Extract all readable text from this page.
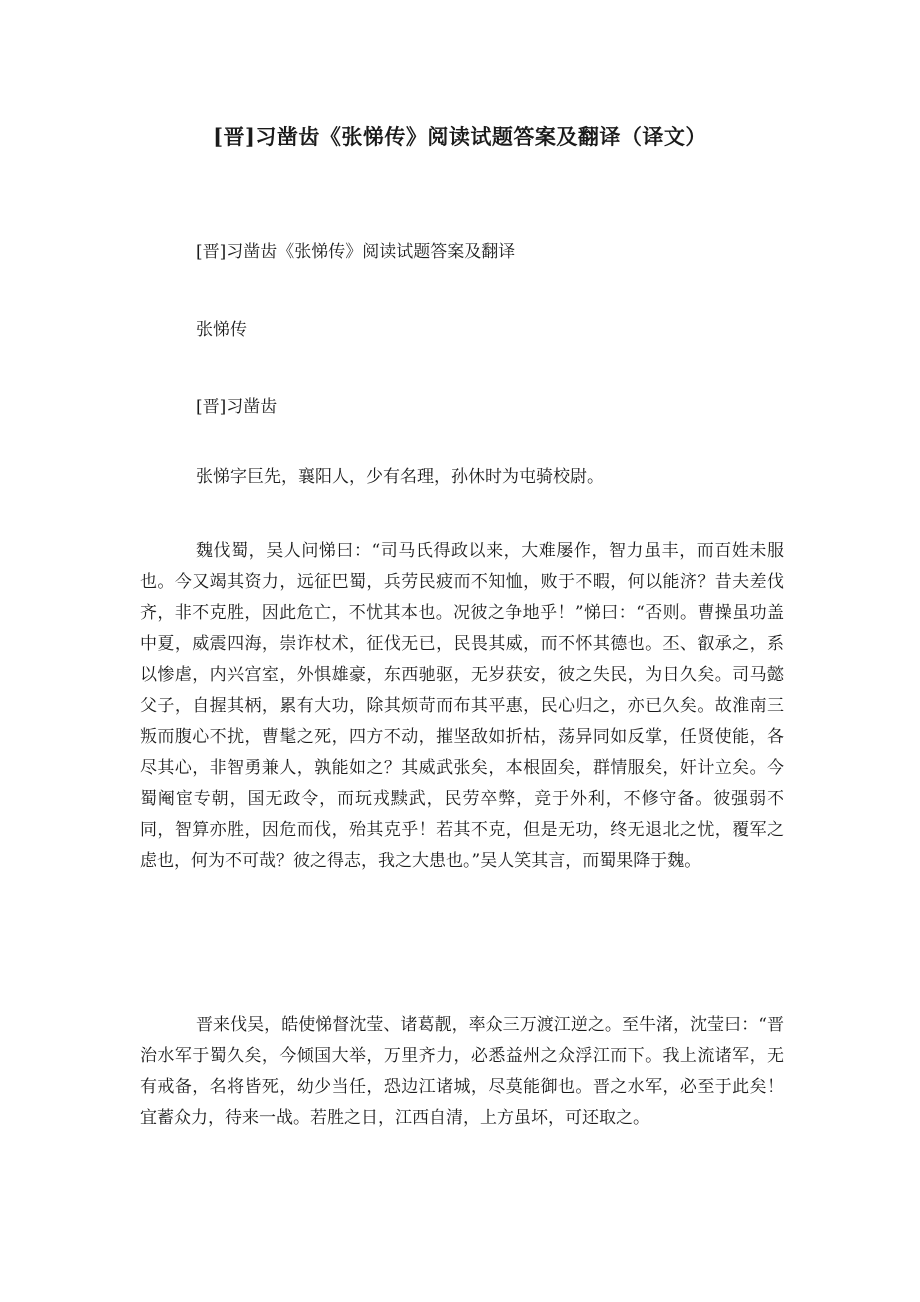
[晋]习凿齿《张悌传》阅读试题答案及翻译（译文）
[晋]习凿齿《张悌传》阅读试题答案及翻译
张悌传
[晋]习凿齿

张悌字巨先，襄阳人，少有名理，孙休时为屯骑校尉。

魏伐蜀，吴人问悌曰：“司马氏得政以来，大难屡作，智力虽丰，而百姓未服也。今又竭其资力，远征巴蜀，兵劳民疲而不知恤，败于不暇，何以能济？昔夫差伐齐，非不克胜，因此危亡，不忧其本也。况彼之争地乎！”悌曰：“否则。曹操虽功盖中夏，威震四海，崇诈杖术，征伐无已，民畏其威，而不怀其德也。丕、叡承之，系以惨虐，内兴宫室，外惧雄豪，东西驰驱，无岁获安，彼之失民，为日久矣。司马懿父子，自握其柄，累有大功，除其烦苛而布其平惠，民心归之，亦已久矣。故淮南三叛而腹心不扰，曹髦之死，四方不动，摧坚敌如折枯，荡异同如反掌，任贤使能，各尽其心，非智勇兼人，孰能如之？其威武张矣，本根固矣，群情服矣，奸计立矣。今蜀阉宦专朝，国无政令，而玩戎黩武，民劳卒弊，竞于外利，不修守备。彼强弱不同，智算亦胜，因危而伐，殆其克乎！若其不克，但是无功，终无退北之忧，覆军之虑也，何为不可哉？彼之得志，我之大患也。”吴人笑其言，而蜀果降于魏。

晋来伐吴，皓使悌督沈莹、诸葛靓，率众三万渡江逆之。至牛渚，沈莹曰：“晋治水军于蜀久矣，今倾国大举，万里齐力，必悉益州之众浮江而下。我上流诸军，无有戒备，名将皆死，幼少当任，恐边江诸城，尽莫能御也。晋之水军，必至于此矣！宜蓄众力，待来一战。若胜之日，江西自清，上方虽坏，可还取之。
